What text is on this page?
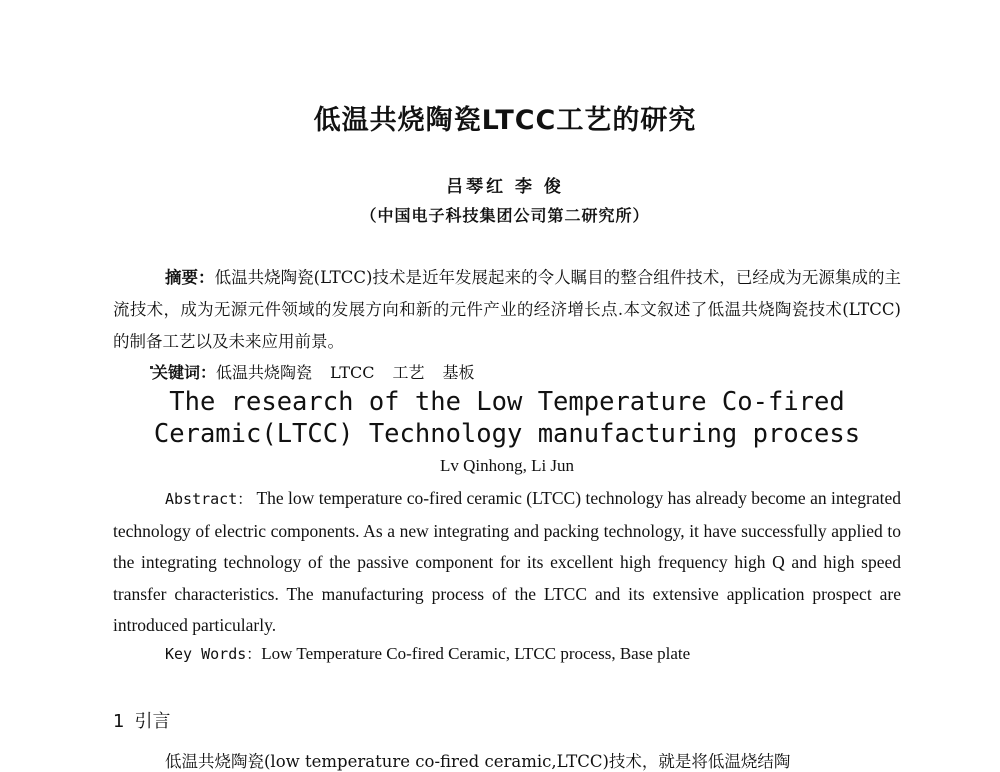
低温共烧陶瓷LTCC工艺的研究
吕琴红 李 俊
（中国电子科技集团公司第二研究所）
摘要：低温共烧陶瓷(LTCC)技术是近年发展起来的令人瞩目的整合组件技术，已经成为无源集成的主流技术，成为无源元件领域的发展方向和新的元件产业的经济增长点.本文叙述了低温共烧陶瓷技术(LTCC)的制备工艺以及未来应用前景。
关键词：低温共烧陶瓷 LTCC 工艺 基板
The research of the Low Temperature Co-fired
Ceramic(LTCC) Technology manufacturing process
Lv Qinhong, Li Jun
Abstract： The low temperature co-fired ceramic (LTCC) technology has already become an integrated technology of electric components. As a new integrating and packing technology, it have successfully applied to the integrating technology of the passive component for its excellent high frequency high Q and high speed transfer characteristics. The manufacturing process of the LTCC and its extensive application prospect are introduced particularly.
Key Words：Low Temperature Co-fired Ceramic, LTCC process, Base plate
1 引言
低温共烧陶瓷(low temperature co-fired ceramic,LTCC)技术，就是将低温烧结陶
